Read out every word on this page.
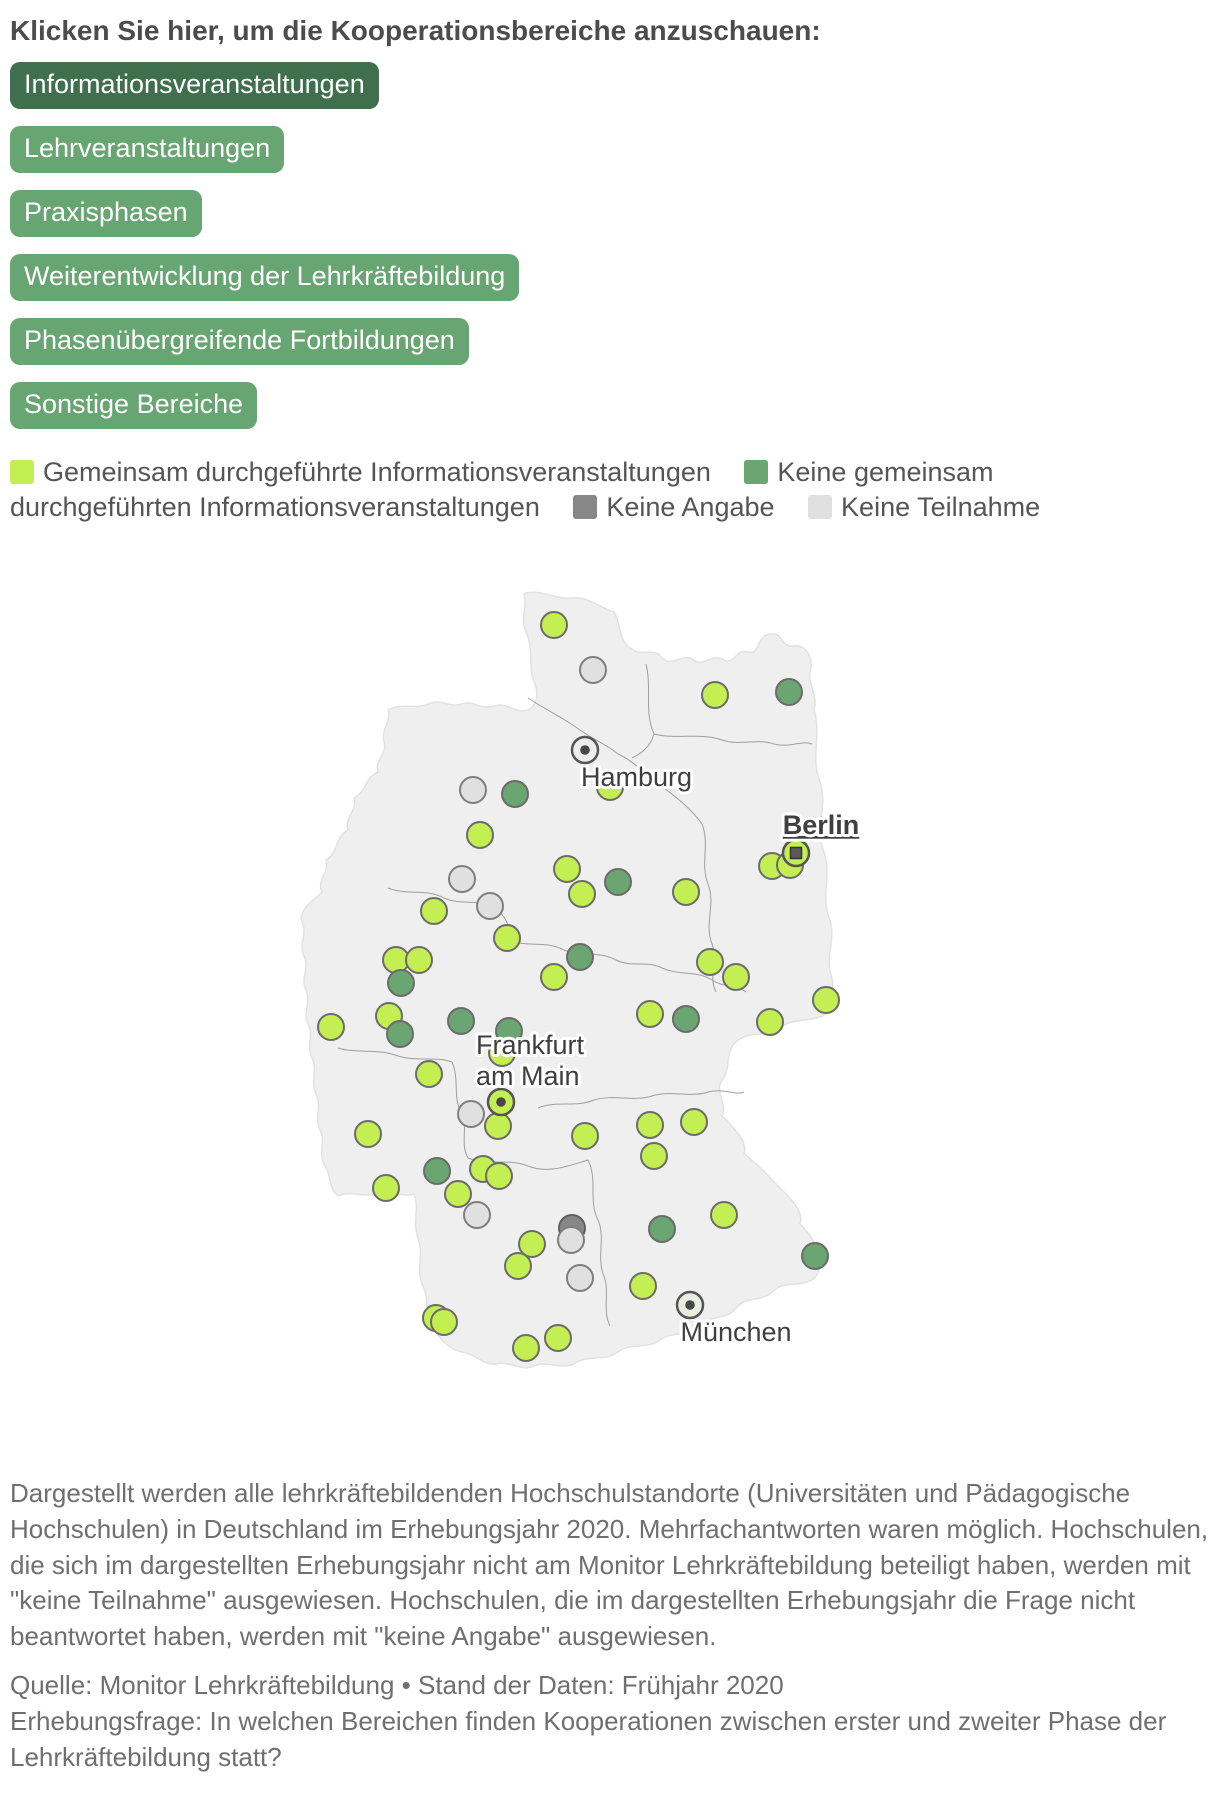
Klicken Sie hier, um die Kooperationsbereiche anzuschauen:
Informationsveranstaltungen
Lehrveranstaltungen
Praxisphasen
Weiterentwicklung der Lehrkräftebildung
Phasenübergreifende Fortbildungen
Sonstige Bereiche
Gemeinsam durchgeführte Informationsveranstaltungen Keine gemeinsam durchgeführten Informationsveranstaltungen Keine Angabe Keine Teilnahme
Hamburg
Berlin
Frankfurt am Main
München

Dargestellt werden alle lehrkräftebildenden Hochschulstandorte (Universitäten und Pädagogische Hochschulen) in Deutschland im Erhebungsjahr 2020. Mehrfachantworten waren möglich. Hochschulen, die sich im dargestellten Erhebungsjahr nicht am Monitor Lehrkräftebildung beteiligt haben, werden mit "keine Teilnahme" ausgewiesen. Hochschulen, die im dargestellten Erhebungsjahr die Frage nicht beantwortet haben, werden mit "keine Angabe" ausgewiesen.

Quelle: Monitor Lehrkräftebildung • Stand der Daten: Frühjahr 2020

Erhebungsfrage: In welchen Bereichen finden Kooperationen zwischen erster und zweiter Phase der Lehrkräftebildung statt?
